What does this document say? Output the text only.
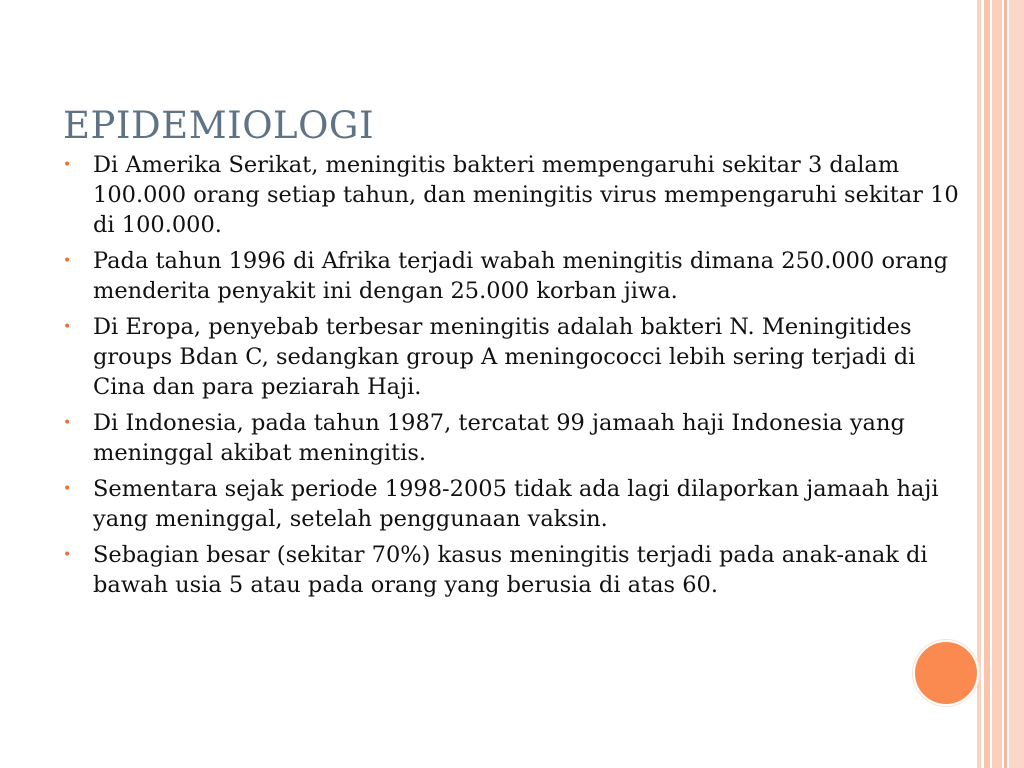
EPIDEMIOLOGI
• Di Amerika Serikat, meningitis bakteri mempengaruhi sekitar 3 dalam 100.000 orang setiap tahun, dan meningitis virus mempengaruhi sekitar 10 di 100.000.
• Pada tahun 1996 di Afrika terjadi wabah meningitis dimana 250.000 orang menderita penyakit ini dengan 25.000 korban jiwa.
• Di Eropa, penyebab terbesar meningitis adalah bakteri N. Meningitides groups Bdan C, sedangkan group A meningococci lebih sering terjadi di Cina dan para peziarah Haji.
• Di Indonesia, pada tahun 1987, tercatat 99 jamaah haji Indonesia yang meninggal akibat meningitis.
• Sementara sejak periode 1998-2005 tidak ada lagi dilaporkan jamaah haji yang meninggal, setelah penggunaan vaksin.
• Sebagian besar (sekitar 70%) kasus meningitis terjadi pada anak-anak di bawah usia 5 atau pada orang yang berusia di atas 60.
